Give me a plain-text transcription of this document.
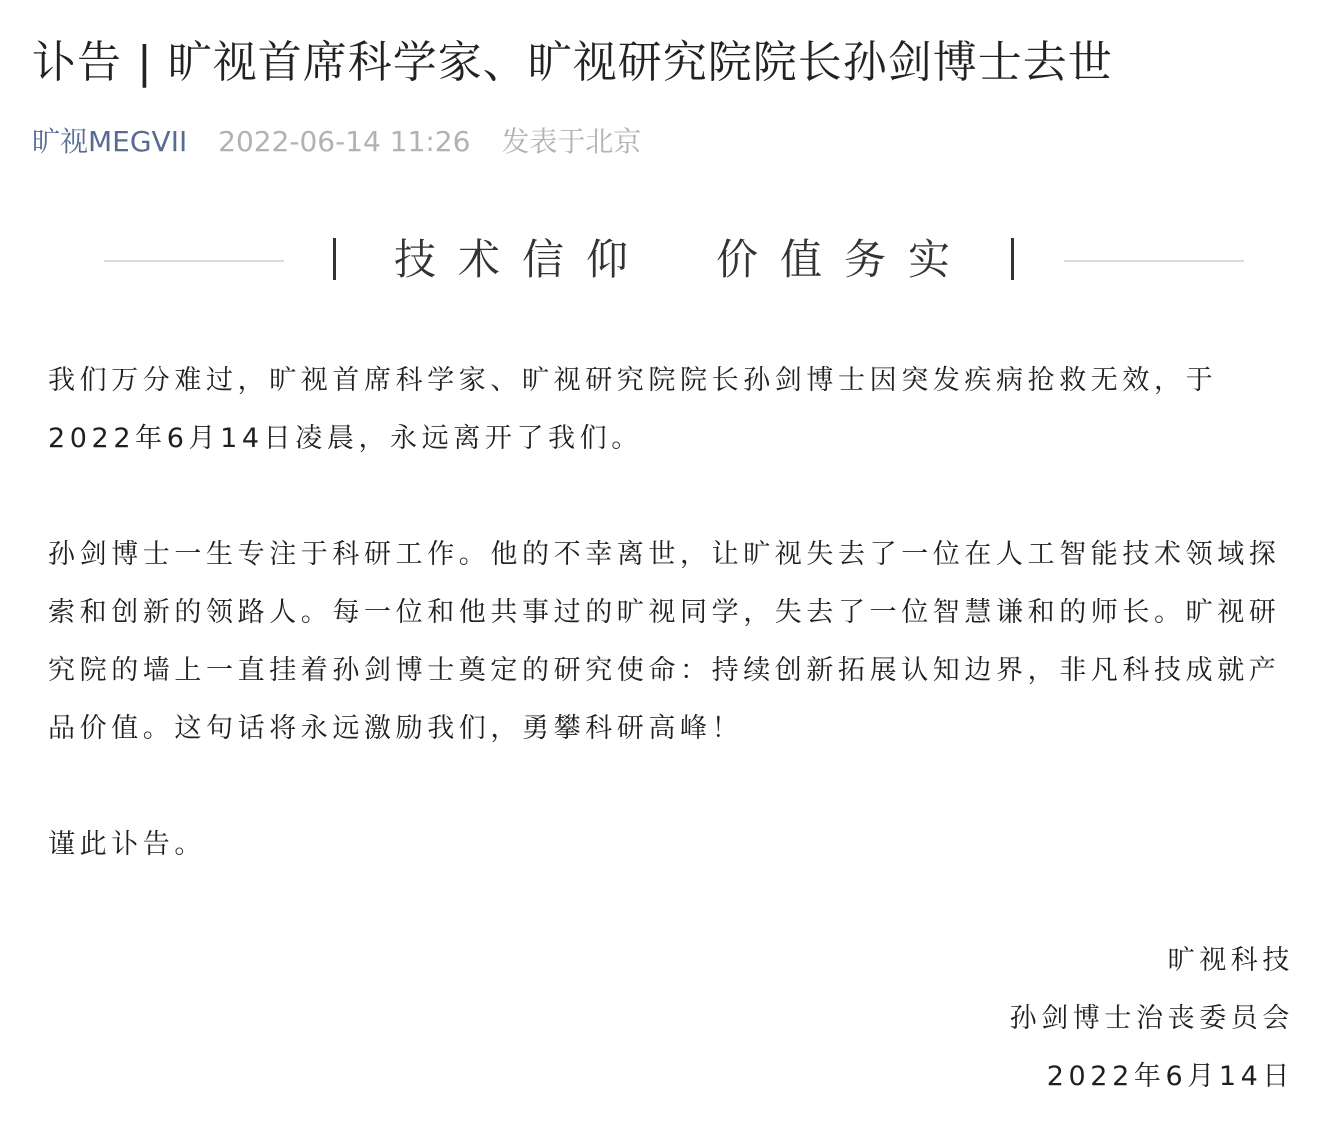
讣告 | 旷视首席科学家、旷视研究院院长孙剑博士去世
旷视MEGVII 2022-06-14 11:26 发表于北京
技术信仰 价值务实

我们万分难过，旷视首席科学家、旷视研究院院长孙剑博士因突发疾病抢救无效，于2022年6月14日凌晨，永远离开了我们。

孙剑博士一生专注于科研工作。他的不幸离世，让旷视失去了一位在人工智能技术领域探索和创新的领路人。每一位和他共事过的旷视同学，失去了一位智慧谦和的师长。旷视研究院的墙上一直挂着孙剑博士奠定的研究使命：持续创新拓展认知边界，非凡科技成就产品价值。这句话将永远激励我们，勇攀科研高峰！

谨此讣告。

旷视科技

孙剑博士治丧委员会

2022年6月14日
